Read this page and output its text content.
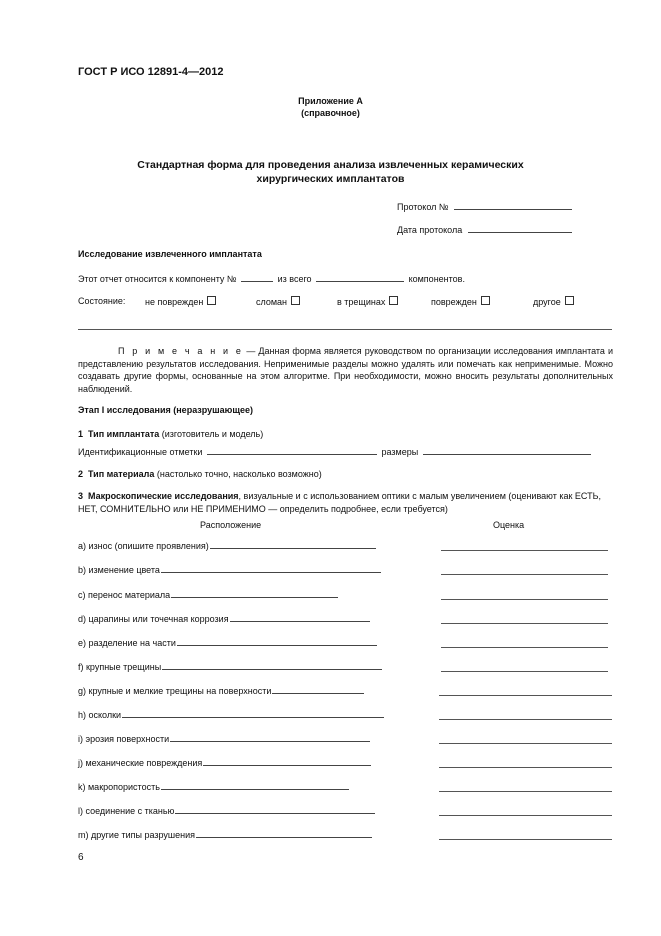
ГОСТ Р ИСО 12891-4—2012
Приложение А
(справочное)
Стандартная форма для проведения анализа извлеченных керамических
хирургических имплантатов
Протокол №
Дата протокола
Исследование извлеченного имплантата
Этот отчет относится к компоненту №	из всего	компонентов.
Состояние: не поврежден	сломан	в трещинах	поврежден	другое
П р и м е ч а н и е — Данная форма является руководством по организации исследования имплантата и представлению результатов исследования. Неприменимые разделы можно удалять или помечать как неприменимые. Можно создавать другие формы, основанные на этом алгоритме. При необходимости, можно вносить результаты дополнительных наблюдений.
Этап I исследования (неразрушающее)
1 Тип имплантата (изготовитель и модель)
Идентификационные отметки	размеры
2 Тип материала (настолько точно, насколько возможно)
3 Макроскопические исследования, визуальные и с использованием оптики с малым увеличением (оценивают как ЕСТЬ, НЕТ, СОМНИТЕЛЬНО или НЕ ПРИМЕНИМО — определить подробнее, если требуется)
Расположение	Оценка
а) износ (опишите проявления)
b) изменение цвета
c) перенос материала
d) царапины или точечная коррозия
e) разделение на части
f) крупные трещины
g) крупные и мелкие трещины на поверхности
h) осколки
i) эрозия поверхности
j) механические повреждения
k) макропористость
l) соединение с тканью
m) другие типы разрушения
6
